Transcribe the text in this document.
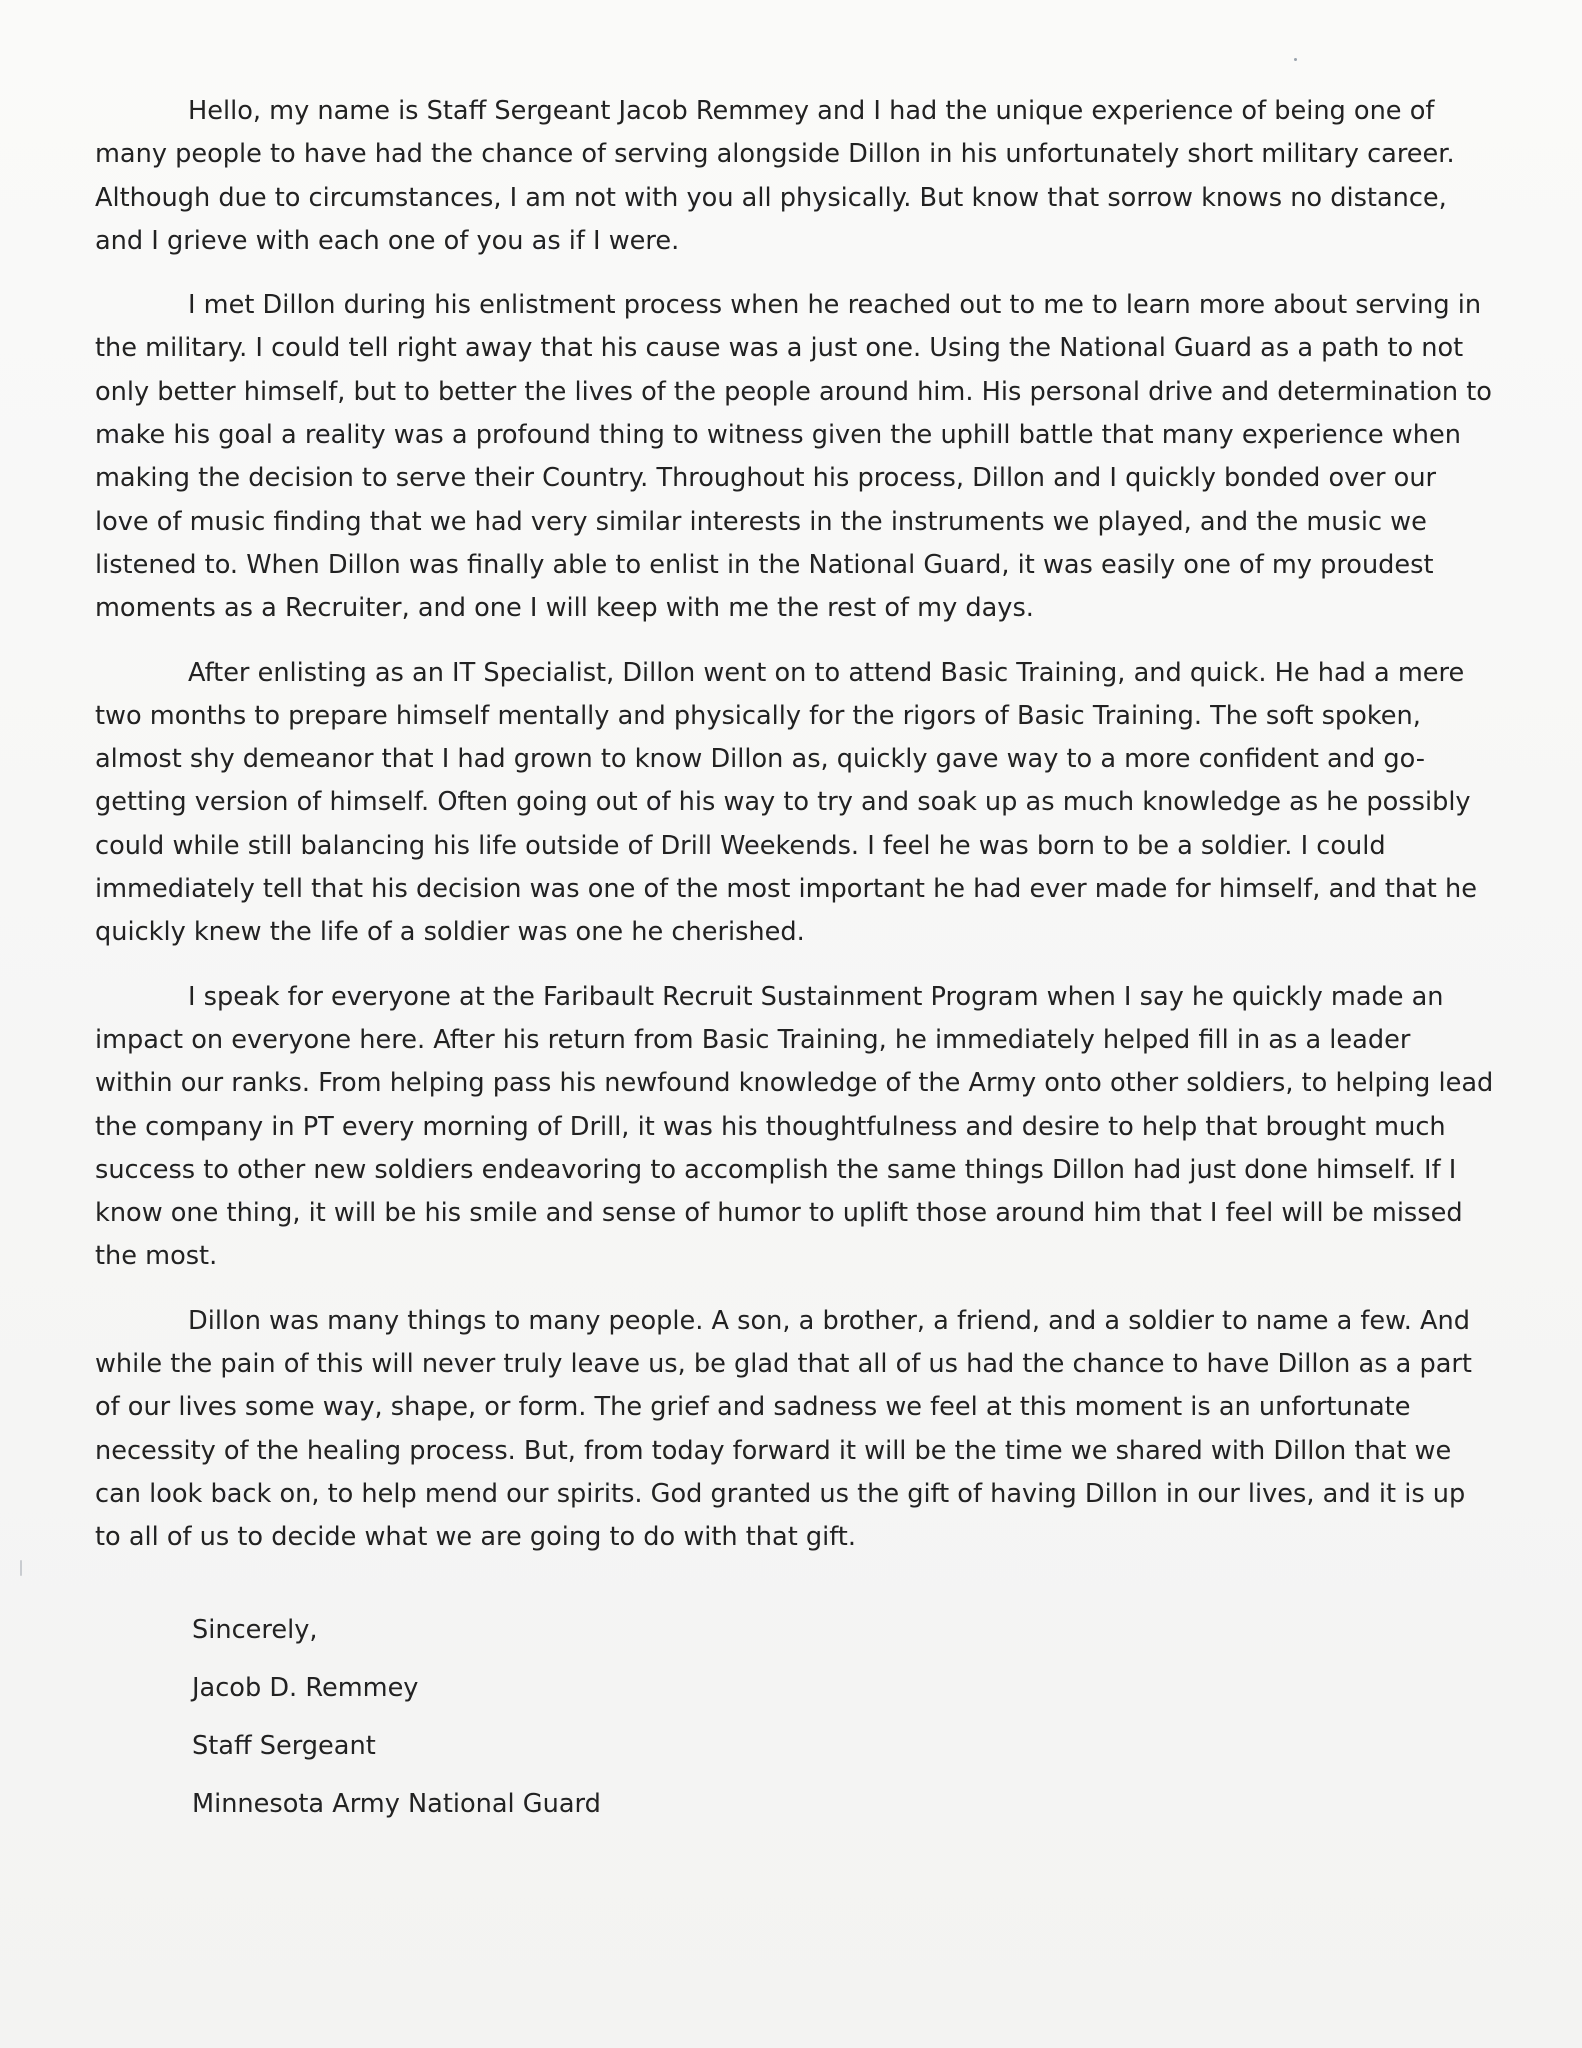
Hello, my name is Staff Sergeant Jacob Remmey and I had the unique experience of being one of many people to have had the chance of serving alongside Dillon in his unfortunately short military career. Although due to circumstances, I am not with you all physically. But know that sorrow knows no distance, and I grieve with each one of you as if I were.

I met Dillon during his enlistment process when he reached out to me to learn more about serving in the military. I could tell right away that his cause was a just one. Using the National Guard as a path to not only better himself, but to better the lives of the people around him. His personal drive and determination to make his goal a reality was a profound thing to witness given the uphill battle that many experience when making the decision to serve their Country. Throughout his process, Dillon and I quickly bonded over our love of music finding that we had very similar interests in the instruments we played, and the music we listened to. When Dillon was finally able to enlist in the National Guard, it was easily one of my proudest moments as a Recruiter, and one I will keep with me the rest of my days.

After enlisting as an IT Specialist, Dillon went on to attend Basic Training, and quick. He had a mere two months to prepare himself mentally and physically for the rigors of Basic Training. The soft spoken, almost shy demeanor that I had grown to know Dillon as, quickly gave way to a more confident and go-getting version of himself. Often going out of his way to try and soak up as much knowledge as he possibly could while still balancing his life outside of Drill Weekends. I feel he was born to be a soldier. I could immediately tell that his decision was one of the most important he had ever made for himself, and that he quickly knew the life of a soldier was one he cherished.

I speak for everyone at the Faribault Recruit Sustainment Program when I say he quickly made an impact on everyone here. After his return from Basic Training, he immediately helped fill in as a leader within our ranks. From helping pass his newfound knowledge of the Army onto other soldiers, to helping lead the company in PT every morning of Drill, it was his thoughtfulness and desire to help that brought much success to other new soldiers endeavoring to accomplish the same things Dillon had just done himself. If I know one thing, it will be his smile and sense of humor to uplift those around him that I feel will be missed the most.

Dillon was many things to many people. A son, a brother, a friend, and a soldier to name a few. And while the pain of this will never truly leave us, be glad that all of us had the chance to have Dillon as a part of our lives some way, shape, or form. The grief and sadness we feel at this moment is an unfortunate necessity of the healing process. But, from today forward it will be the time we shared with Dillon that we can look back on, to help mend our spirits. God granted us the gift of having Dillon in our lives, and it is up to all of us to decide what we are going to do with that gift.

Sincerely,
Jacob D. Remmey
Staff Sergeant
Minnesota Army National Guard
